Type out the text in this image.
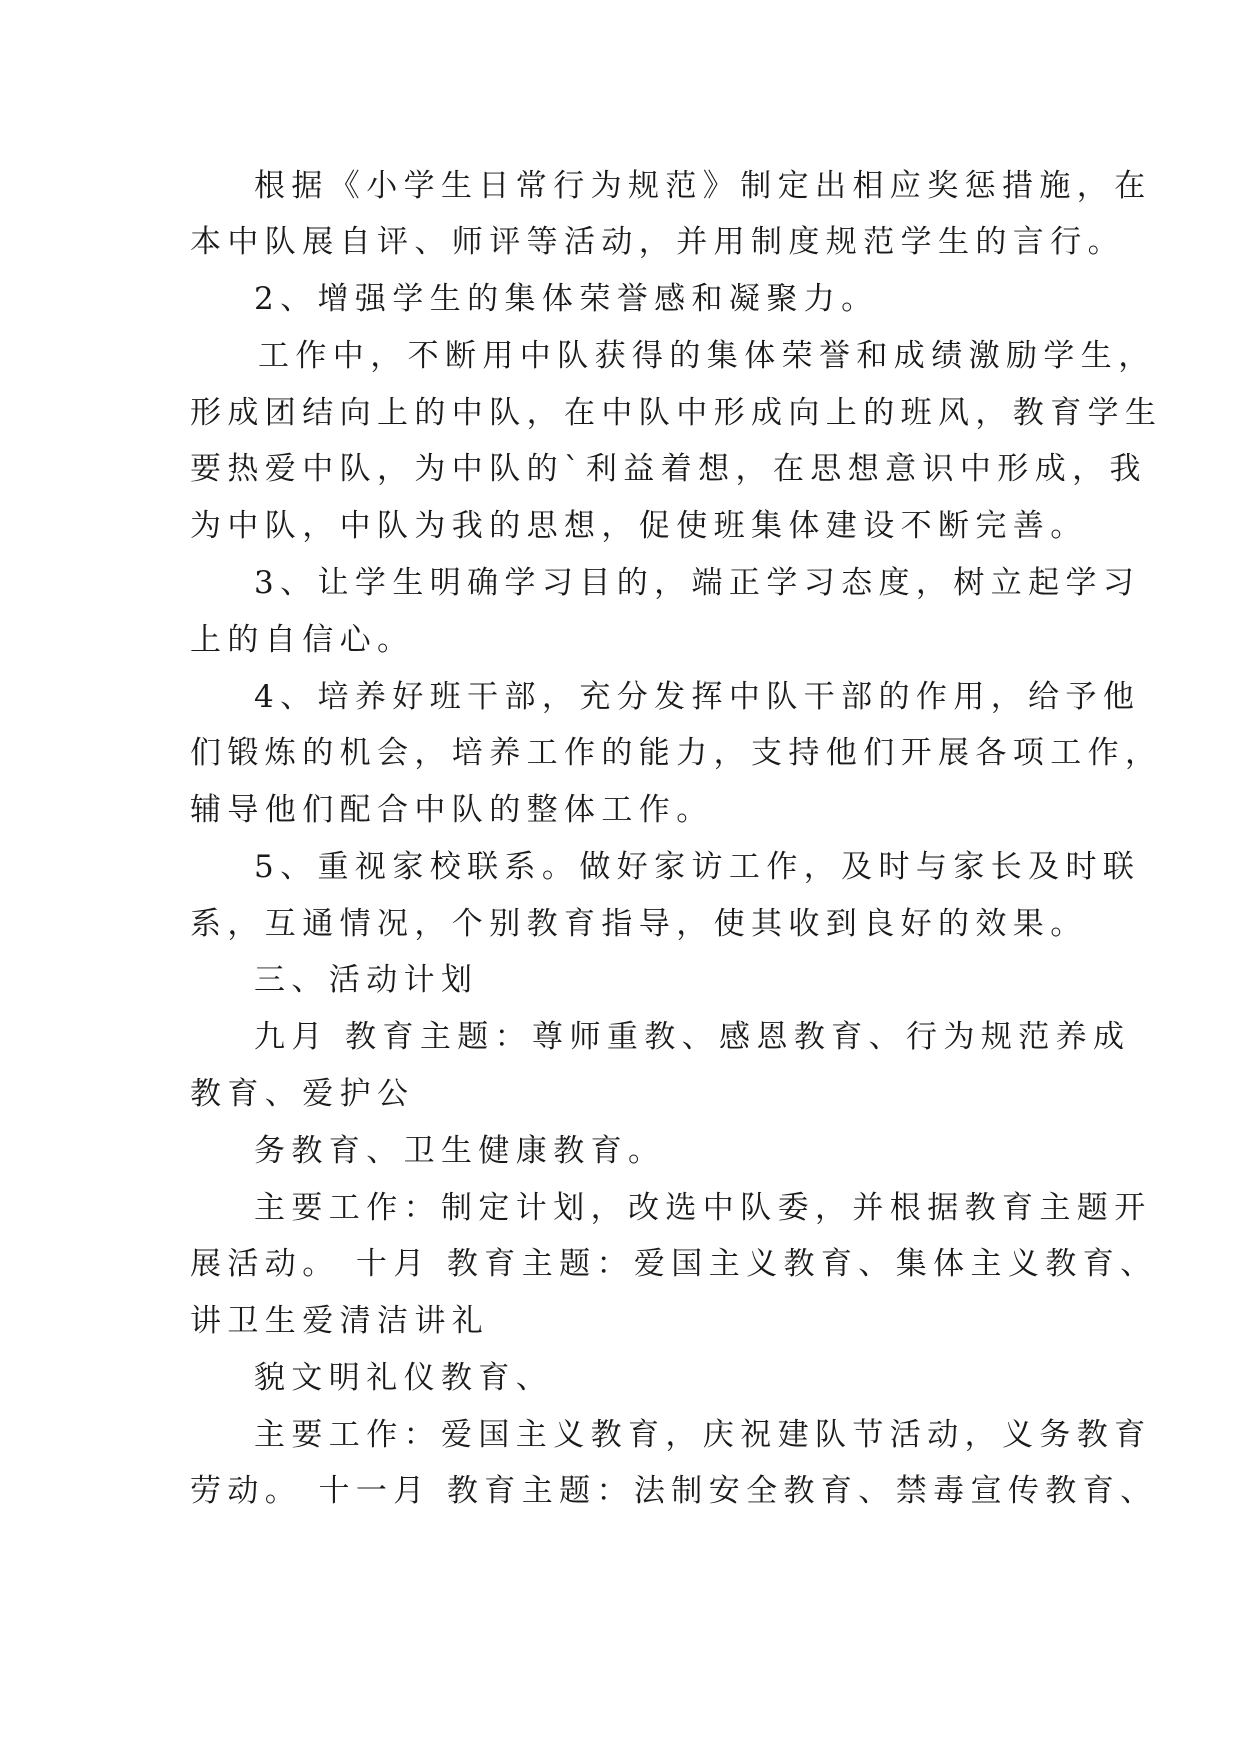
根据《小学生日常行为规范》制定出相应奖惩措施，在
本中队展自评、师评等活动，并用制度规范学生的言行。
2、增强学生的集体荣誉感和凝聚力。
工作中，不断用中队获得的集体荣誉和成绩激励学生，
形成团结向上的中队，在中队中形成向上的班风，教育学生
要热爱中队，为中队的`利益着想，在思想意识中形成，我
为中队，中队为我的思想，促使班集体建设不断完善。
3、让学生明确学习目的，端正学习态度，树立起学习
上的自信心。
4、培养好班干部，充分发挥中队干部的作用，给予他
们锻炼的机会，培养工作的能力，支持他们开展各项工作，
辅导他们配合中队的整体工作。
5、重视家校联系。做好家访工作，及时与家长及时联
系，互通情况，个别教育指导，使其收到良好的效果。
三、活动计划
九月 教育主题：尊师重教、感恩教育、行为规范养成
教育、爱护公
务教育、卫生健康教育。
主要工作：制定计划，改选中队委，并根据教育主题开
展活动。 十月 教育主题：爱国主义教育、集体主义教育、
讲卫生爱清洁讲礼
貌文明礼仪教育、
主要工作：爱国主义教育，庆祝建队节活动，义务教育
劳动。 十一月 教育主题：法制安全教育、禁毒宣传教育、
